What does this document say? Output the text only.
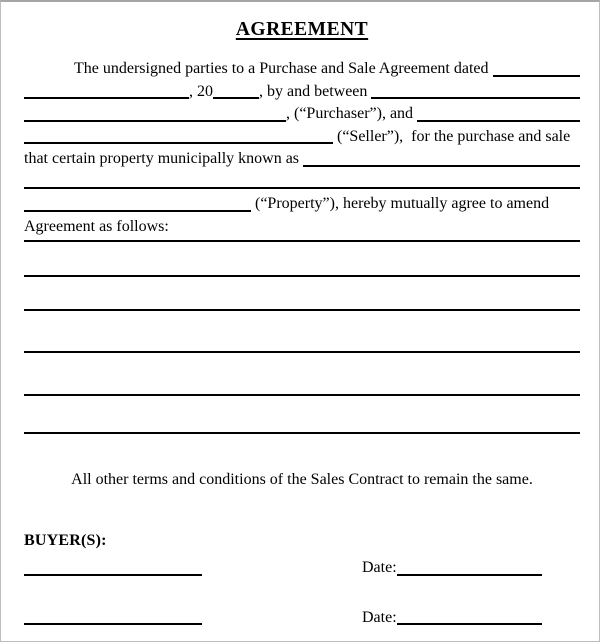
AGREEMENT
The undersigned parties to a Purchase and Sale Agreement dated
, 20	, by and between
, (“Purchaser”), and
(“Seller”),  for the purchase and sale
that certain property municipally known as
(“Property”), hereby mutually agree to amend
Agreement as follows:
All other terms and conditions of the Sales Contract to remain the same.
BUYER(S):
Date:
Date:
